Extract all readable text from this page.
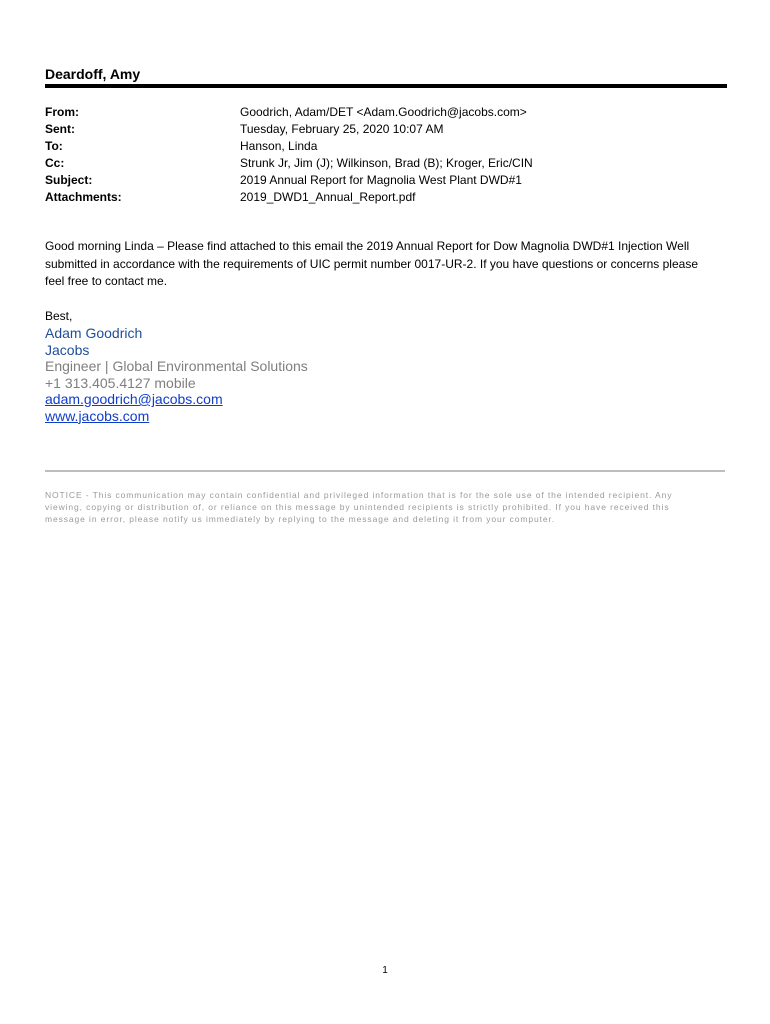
Deardoff, Amy
From:	Goodrich, Adam/DET <Adam.Goodrich@jacobs.com>
Sent:	Tuesday, February 25, 2020 10:07 AM
To:	Hanson, Linda
Cc:	Strunk Jr, Jim (J); Wilkinson, Brad (B); Kroger, Eric/CIN
Subject:	2019 Annual Report for Magnolia West Plant DWD#1
Attachments:	2019_DWD1_Annual_Report.pdf
Good morning Linda – Please find attached to this email the 2019 Annual Report for Dow Magnolia DWD#1 Injection Well submitted in accordance with the requirements of UIC permit number 0017-UR-2. If you have questions or concerns please feel free to contact me.
Best,
Adam Goodrich
Jacobs
Engineer | Global Environmental Solutions
+1 313.405.4127 mobile
adam.goodrich@jacobs.com
www.jacobs.com
NOTICE - This communication may contain confidential and privileged information that is for the sole use of the intended recipient. Any viewing, copying or distribution of, or reliance on this message by unintended recipients is strictly prohibited. If you have received this message in error, please notify us immediately by replying to the message and deleting it from your computer.
1
